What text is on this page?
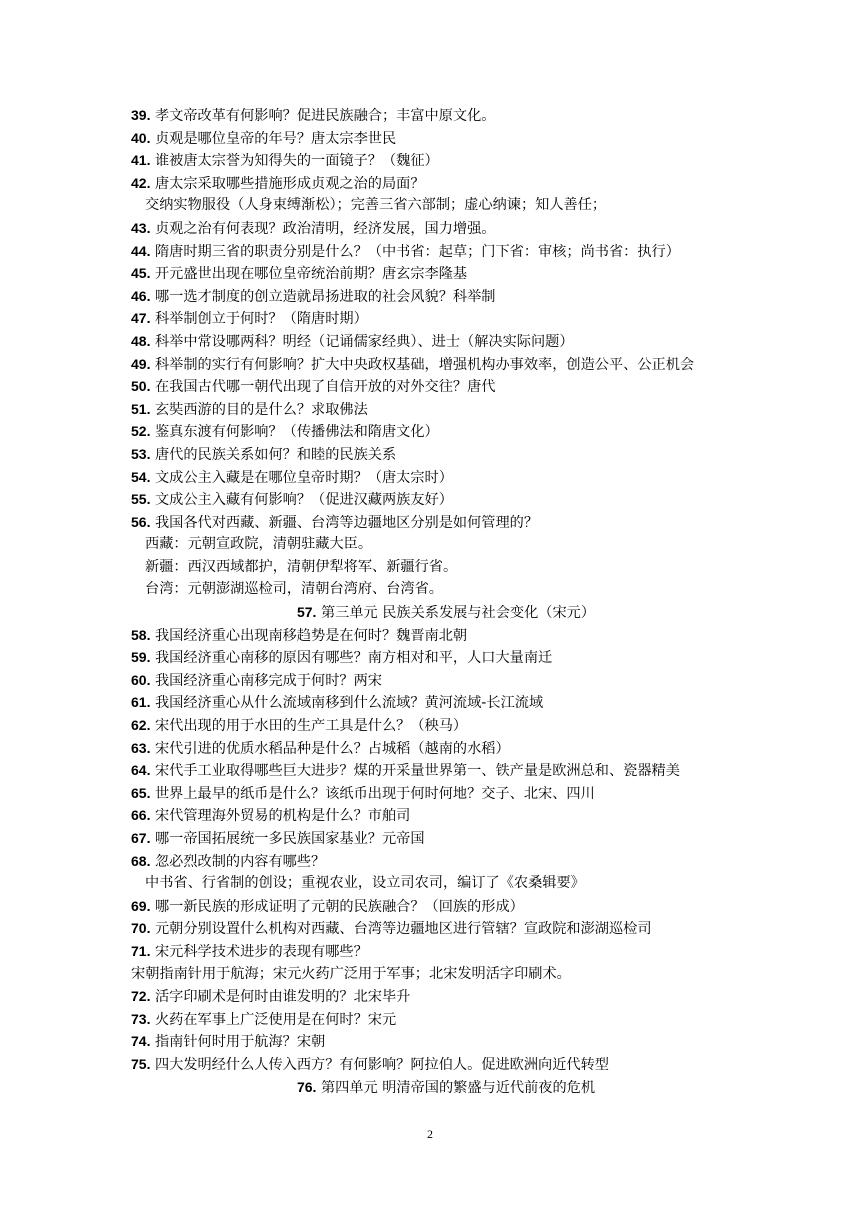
39. 孝文帝改革有何影响？促进民族融合；丰富中原文化。
40. 贞观是哪位皇帝的年号？唐太宗李世民
41. 谁被唐太宗誉为知得失的一面镜子？（魏征）
42. 唐太宗采取哪些措施形成贞观之治的局面？
交纳实物服役（人身束缚渐松）；完善三省六部制；虚心纳谏；知人善任；
43. 贞观之治有何表现？政治清明，经济发展，国力增强。
44. 隋唐时期三省的职责分别是什么？（中书省：起草；门下省：审核；尚书省：执行）
45. 开元盛世出现在哪位皇帝统治前期？唐玄宗李隆基
46. 哪一选才制度的创立造就昂扬进取的社会风貌？科举制
47. 科举制创立于何时？（隋唐时期）
48. 科举中常设哪两科？明经（记诵儒家经典）、进士（解决实际问题）
49. 科举制的实行有何影响？扩大中央政权基础，增强机构办事效率，创造公平、公正机会
50. 在我国古代哪一朝代出现了自信开放的对外交往？唐代
51. 玄奘西游的目的是什么？求取佛法
52. 鉴真东渡有何影响？（传播佛法和隋唐文化）
53. 唐代的民族关系如何？和睦的民族关系
54. 文成公主入藏是在哪位皇帝时期？（唐太宗时）
55. 文成公主入藏有何影响？（促进汉藏两族友好）
56. 我国各代对西藏、新疆、台湾等边疆地区分别是如何管理的？
西藏：元朝宣政院，清朝驻藏大臣。
新疆：西汉西域都护，清朝伊犁将军、新疆行省。
台湾：元朝澎湖巡检司，清朝台湾府、台湾省。
57. 第三单元 民族关系发展与社会变化（宋元）
58. 我国经济重心出现南移趋势是在何时？魏晋南北朝
59. 我国经济重心南移的原因有哪些？南方相对和平，人口大量南迁
60. 我国经济重心南移完成于何时？两宋
61. 我国经济重心从什么流域南移到什么流域？黄河流域-长江流域
62. 宋代出现的用于水田的生产工具是什么？（秧马）
63. 宋代引进的优质水稻品种是什么？占城稻（越南的水稻）
64. 宋代手工业取得哪些巨大进步？煤的开采量世界第一、铁产量是欧洲总和、瓷器精美
65. 世界上最早的纸币是什么？该纸币出现于何时何地？交子、北宋、四川
66. 宋代管理海外贸易的机构是什么？市舶司
67. 哪一帝国拓展统一多民族国家基业？元帝国
68. 忽必烈改制的内容有哪些？
中书省、行省制的创设；重视农业，设立司农司，编订了《农桑辑要》
69. 哪一新民族的形成证明了元朝的民族融合？（回族的形成）
70. 元朝分别设置什么机构对西藏、台湾等边疆地区进行管辖？宣政院和澎湖巡检司
71. 宋元科学技术进步的表现有哪些？
宋朝指南针用于航海；宋元火药广泛用于军事；北宋发明活字印刷术。
72. 活字印刷术是何时由谁发明的？北宋毕升
73. 火药在军事上广泛使用是在何时？宋元
74. 指南针何时用于航海？宋朝
75. 四大发明经什么人传入西方？有何影响？阿拉伯人。促进欧洲向近代转型
76. 第四单元 明清帝国的繁盛与近代前夜的危机
2
